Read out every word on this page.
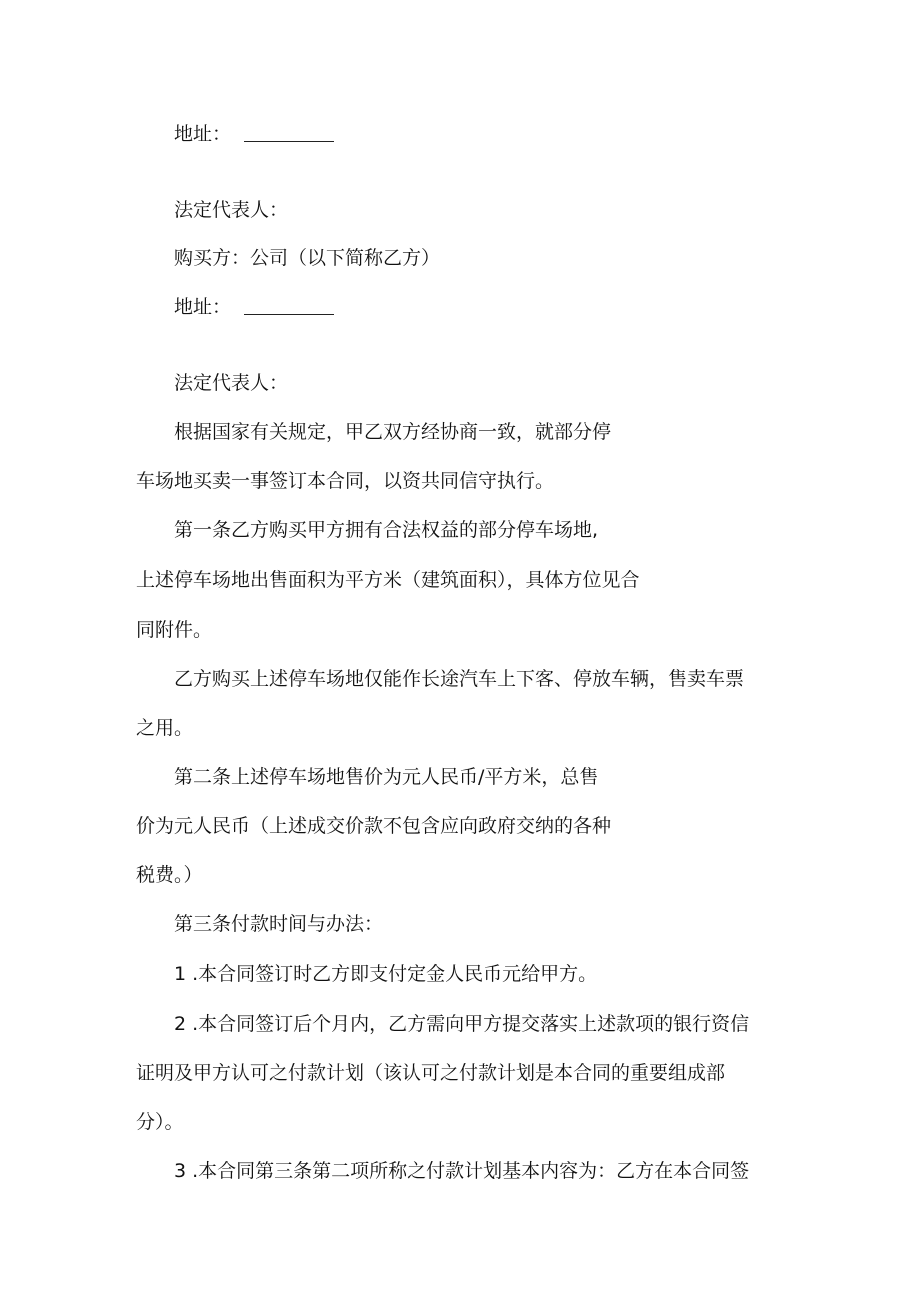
地址：
法定代表人：
购买方：公司（以下简称乙方）
地址：
法定代表人：
根据国家有关规定，甲乙双方经协商一致，就部分停
车场地买卖一事签订本合同，以资共同信守执行。
第一条乙方购买甲方拥有合法权益的部分停车场地,
上述停车场地出售面积为平方米（建筑面积），具体方位见合
同附件。
乙方购买上述停车场地仅能作长途汽车上下客、停放车辆，售卖车票
之用。
第二条上述停车场地售价为元人民币/平方米，总售
价为元人民币（上述成交价款不包含应向政府交纳的各种
税费。）
第三条付款时间与办法：
1 .本合同签订时乙方即支付定金人民币元给甲方。
2 .本合同签订后个月内，乙方需向甲方提交落实上述款项的银行资信
证明及甲方认可之付款计划（该认可之付款计划是本合同的重要组成部
分）。
3 .本合同第三条第二项所称之付款计划基本内容为：乙方在本合同签
